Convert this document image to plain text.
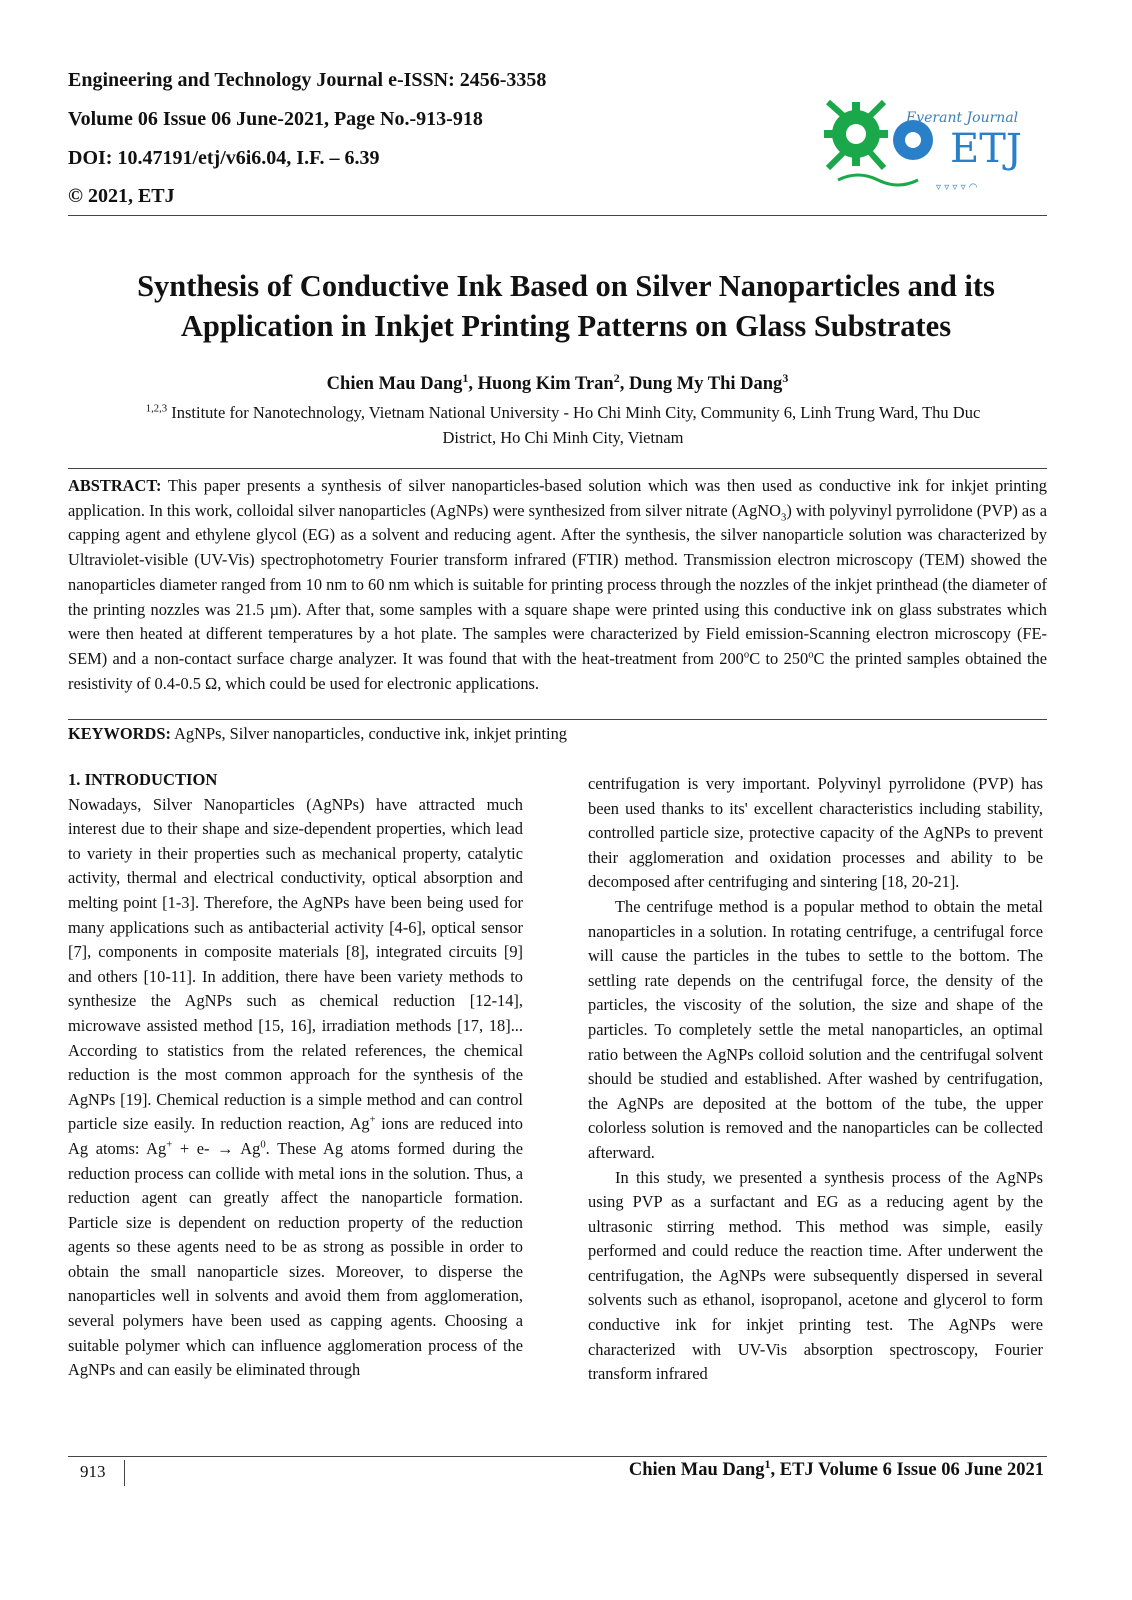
Engineering and Technology Journal e-ISSN: 2456-3358
Volume 06 Issue 06 June-2021, Page No.-913-918
DOI: 10.47191/etj/v6i6.04, I.F. – 6.39
© 2021, ETJ
ETJ
Everant Journal
▿ ▿ ▿ ▿ ◠
Synthesis of Conductive Ink Based on Silver Nanoparticles and its
Application in Inkjet Printing Patterns on Glass Substrates
Chien Mau Dang$^1$, Huong Kim Tran$^2$, Dung My Thi Dang$^3$
$^{1,2,3}$ Institute for Nanotechnology, Vietnam National University - Ho Chi Minh City, Community 6, Linh Trung Ward, Thu Duc
District, Ho Chi Minh City, Vietnam
ABSTRACT: This paper presents a synthesis of silver nanoparticles-based solution which was then used as conductive ink for inkjet printing application. In this work, colloidal silver nanoparticles (AgNPs) were synthesized from silver nitrate (AgNO$_3$) with polyvinyl pyrrolidone (PVP) as a capping agent and ethylene glycol (EG) as a solvent and reducing agent. After the synthesis, the silver nanoparticle solution was characterized by Ultraviolet-visible (UV-Vis) spectrophotometry Fourier transform infrared (FTIR) method. Transmission electron microscopy (TEM) showed the nanoparticles diameter ranged from 10 nm to 60 nm which is suitable for printing process through the nozzles of the inkjet printhead (the diameter of the printing nozzles was 21.5 µm). After that, some samples with a square shape were printed using this conductive ink on glass substrates which were then heated at different temperatures by a hot plate. The samples were characterized by Field emission-Scanning electron microscopy (FE-SEM) and a non-contact surface charge analyzer. It was found that with the heat-treatment from 200$^o$C to 250$^o$C the printed samples obtained the resistivity of 0.4-0.5 Ω, which could be used for electronic applications.
KEYWORDS: AgNPs, Silver nanoparticles, conductive ink, inkjet printing
1. INTRODUCTION

Nowadays, Silver Nanoparticles (AgNPs) have attracted much interest due to their shape and size-dependent properties, which lead to variety in their properties such as mechanical property, catalytic activity, thermal and electrical conductivity, optical absorption and melting point [1-3]. Therefore, the AgNPs have been being used for many applications such as antibacterial activity [4-6], optical sensor [7], components in composite materials [8], integrated circuits [9] and others [10-11]. In addition, there have been variety methods to synthesize the AgNPs such as chemical reduction [12-14], microwave assisted method [15, 16], irradiation methods [17, 18]... According to statistics from the related references, the chemical reduction is the most common approach for the synthesis of the AgNPs [19]. Chemical reduction is a simple method and can control particle size easily. In reduction reaction, Ag+ ions are reduced into Ag atoms: $Ag^+ + e- \to Ag^0$. These Ag atoms formed during the reduction process can collide with metal ions in the solution. Thus, a reduction agent can greatly affect the nanoparticle formation. Particle size is dependent on reduction property of the reduction agents so these agents need to be as strong as possible in order to obtain the small nanoparticle sizes. Moreover, to disperse the nanoparticles well in solvents and avoid them from agglomeration, several polymers have been used as capping agents. Choosing a suitable polymer which can influence agglomeration process of the AgNPs and can easily be eliminated through

centrifugation is very important. Polyvinyl pyrrolidone (PVP) has been used thanks to its' excellent characteristics including stability, controlled particle size, protective capacity of the AgNPs to prevent their agglomeration and oxidation processes and ability to be decomposed after centrifuging and sintering [18, 20-21].

The centrifuge method is a popular method to obtain the metal nanoparticles in a solution. In rotating centrifuge, a centrifugal force will cause the particles in the tubes to settle to the bottom. The settling rate depends on the centrifugal force, the density of the particles, the viscosity of the solution, the size and shape of the particles. To completely settle the metal nanoparticles, an optimal ratio between the AgNPs colloid solution and the centrifugal solvent should be studied and established. After washed by centrifugation, the AgNPs are deposited at the bottom of the tube, the upper colorless solution is removed and the nanoparticles can be collected afterward.

In this study, we presented a synthesis process of the AgNPs using PVP as a surfactant and EG as a reducing agent by the ultrasonic stirring method. This method was simple, easily performed and could reduce the reaction time. After underwent the centrifugation, the AgNPs were subsequently dispersed in several solvents such as ethanol, isopropanol, acetone and glycerol to form conductive ink for inkjet printing test. The AgNPs were characterized with UV-Vis absorption spectroscopy, Fourier transform infrared

913	Chien Mau Dang$^1$, ETJ Volume 6 Issue 06 June 2021
